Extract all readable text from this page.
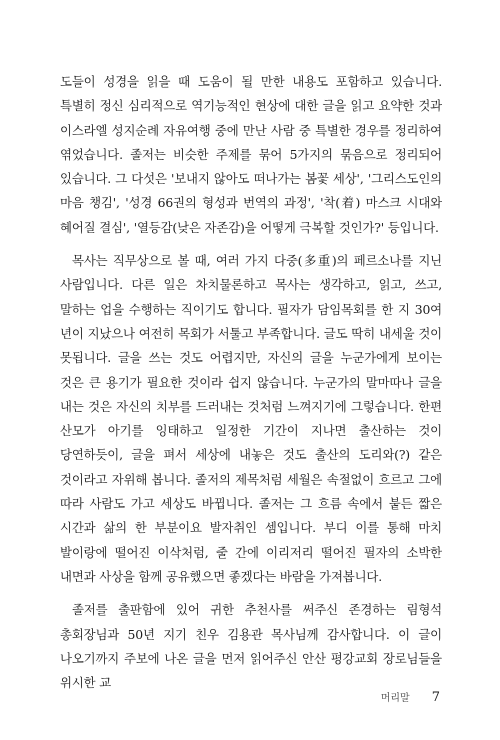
도들이 성경을 읽을 때 도움이 될 만한 내용도 포함하고 있습니다. 특별히 정신 심리적으로 역기능적인 현상에 대한 글을 읽고 요약한 것과 이스라엘 성지순례 자유여행 중에 만난 사람 중 특별한 경우를 정리하여 엮었습니다. 졸저는 비슷한 주제를 묶어 5가지의 묶음으로 정리되어 있습니다. 그 다섯은 '보내지 않아도 떠나가는 봄꽃 세상', '그리스도인의 마음 챙김', '성경 66권의 형성과 번역의 과정', '착(着) 마스크 시대와 혜어질 결심', '열등감(낮은 자존감)을 어떻게 극복할 것인가?' 등입니다.

목사는 직무상으로 볼 때, 여러 가지 다중(多重)의 페르소나를 지닌 사람입니다. 다른 일은 차치물론하고 목사는 생각하고, 읽고, 쓰고, 말하는 업을 수행하는 직이기도 합니다. 필자가 담임목회를 한 지 30여 년이 지났으나 여전히 목회가 서툴고 부족합니다. 글도 딱히 내세울 것이 못됩니다. 글을 쓰는 것도 어렵지만, 자신의 글을 누군가에게 보이는 것은 큰 용기가 필요한 것이라 쉽지 않습니다. 누군가의 말마따나 글을 내는 것은 자신의 치부를 드러내는 것처럼 느껴지기에 그렇습니다. 한편 산모가 아기를 잉태하고 일정한 기간이 지나면 출산하는 것이 당연하듯이, 글을 펴서 세상에 내놓은 것도 출산의 도리와(?) 같은 것이라고 자위해 봅니다. 졸저의 제목처럼 세월은 속절없이 흐르고 그에 따라 사람도 가고 세상도 바뀝니다. 졸저는 그 흐름 속에서 붙든 짧은 시간과 삶의 한 부분이요 발자취인 셈입니다. 부디 이를 통해 마치 발이랑에 떨어진 이삭처럼, 줄 간에 이리저리 떨어진 필자의 소박한 내면과 사상을 함께 공유했으면 좋겠다는 바람을 가져봅니다.

졸저를 출판함에 있어 귀한 추천사를 써주신 존경하는 림형석 총회장님과 50년 지기 친우 김용관 목사님께 감사합니다. 이 글이 나오기까지 주보에 나온 글을 먼저 읽어주신 안산 평강교회 장로님들을 위시한 교

머리말 7
